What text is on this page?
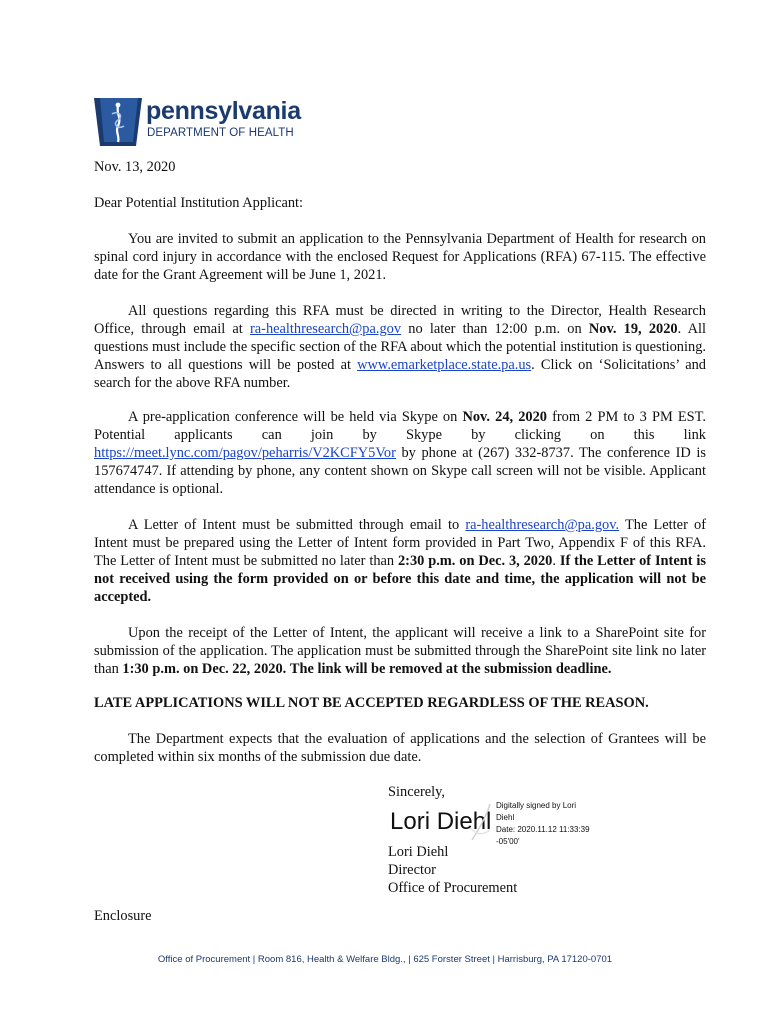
pennsylvania
DEPARTMENT OF HEALTH
Nov. 13, 2020
Dear Potential Institution Applicant:

You are invited to submit an application to the Pennsylvania Department of Health for research on spinal cord injury in accordance with the enclosed Request for Applications (RFA) 67-115. The effective date for the Grant Agreement will be June 1, 2021.

All questions regarding this RFA must be directed in writing to the Director, Health Research Office, through email at ra-healthresearch@pa.gov no later than 12:00 p.m. on Nov. 19, 2020. All questions must include the specific section of the RFA about which the potential institution is questioning. Answers to all questions will be posted at www.emarketplace.state.pa.us. Click on ‘Solicitations’ and search for the above RFA number.

A pre-application conference will be held via Skype on Nov. 24, 2020 from 2 PM to 3 PM EST. Potential applicants can join by Skype by clicking on this link https://meet.lync.com/pagov/peharris/V2KCFY5Vor by phone at (267) 332-8737. The conference ID is 157674747. If attending by phone, any content shown on Skype call screen will not be visible. Applicant attendance is optional.

A Letter of Intent must be submitted through email to ra-healthresearch@pa.gov. The Letter of Intent must be prepared using the Letter of Intent form provided in Part Two, Appendix F of this RFA. The Letter of Intent must be submitted no later than 2:30 p.m. on Dec. 3, 2020. If the Letter of Intent is not received using the form provided on or before this date and time, the application will not be accepted.

Upon the receipt of the Letter of Intent, the applicant will receive a link to a SharePoint site for submission of the application. The application must be submitted through the SharePoint site link no later than 1:30 p.m. on Dec. 22, 2020. The link will be removed at the submission deadline.

LATE APPLICATIONS WILL NOT BE ACCEPTED REGARDLESS OF THE REASON.

The Department expects that the evaluation of applications and the selection of Grantees will be completed within six months of the submission due date.

Sincerely,
Lori Diehl
Digitally signed by Lori
Diehl
Date: 2020.11.12 11:33:39
-05'00'
Lori Diehl
Director
Office of Procurement
Enclosure
Office of Procurement | Room 816, Health & Welfare Bldg., | 625 Forster Street | Harrisburg, PA 17120-0701
